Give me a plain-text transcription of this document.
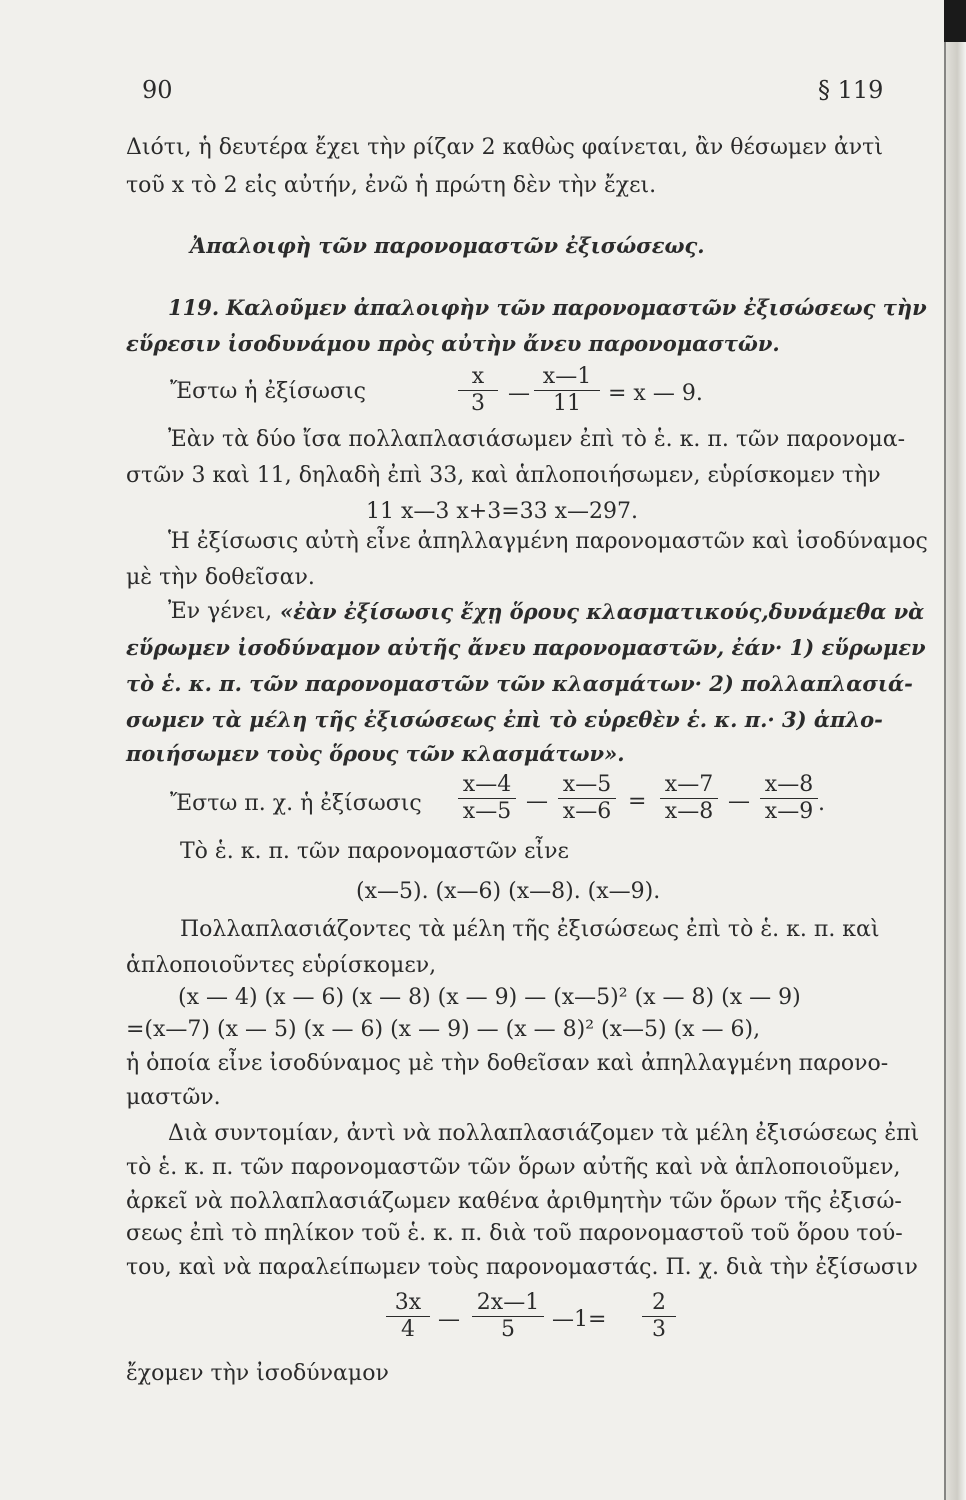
90	§ 119
Διότι, ἡ δευτέρα ἔχει τὴν ρίζαν 2 καθὼς φαίνεται, ἂν θέσωμεν ἀντὶ
τοῦ x τὸ 2 εἰς αὐτήν, ἐνῶ ἡ πρώτη δὲν τὴν ἔχει.
Ἀπαλοιφὴ τῶν παρονομαστῶν ἐξισώσεως.
119. Καλοῦμεν ἀπαλοιφὴν τῶν παρονομαστῶν ἐξισώσεως τὴν
εὕρεσιν ἰσοδυνάμου πρὸς αὐτὴν ἄνευ παρονομαστῶν.
Ἔστω ἡ ἐξίσωσις	$\frac{x}{3}$ — $\frac{x—1}{11} = x$ — 9.
Ἐὰν τὰ δύο ἴσα πολλαπλασιάσωμεν ἐπὶ τὸ ἑ. κ. π. τῶν παρονομα-
στῶν 3 καὶ 11, δηλαδὴ ἐπὶ 33, καὶ ἁπλοποιήσωμεν, εὑρίσκομεν τὴν
11 x—3 x+3=33 x—297.
Ἡ ἐξίσωσις αὐτὴ εἶνε ἀπηλλαγμένη παρονομαστῶν καὶ ἰσοδύναμος
μὲ τὴν δοθεῖσαν.
Ἐν γένει, «ἐὰν ἐξίσωσις ἔχῃ ὅρους κλασματικούς,δυνάμεθα νὰ
εὕρωμεν ἰσοδύναμον αὐτῆς ἄνευ παρονομαστῶν, ἐάν· 1) εὕρωμεν
τὸ ἑ. κ. π. τῶν παρονομαστῶν τῶν κλασμάτων· 2) πολλαπλασιά-
σωμεν τὰ μέλη τῆς ἐξισώσεως ἐπὶ τὸ εὑρεθὲν ἑ. κ. π.· 3) ἁπλο-
ποιήσωμεν τοὺς ὅρους τῶν κλασμάτων».
Ἔστω π. χ. ἡ ἐξίσωσις $\frac{x—4}{x—5}$ — $\frac{x—5}{x—6} = \frac{x—7}{x—8}$ — $\frac{x—8}{x—9}$ .
Τὸ ἑ. κ. π. τῶν παρονομαστῶν εἶνε
(x—5). (x—6) (x—8). (x—9).
Πολλαπλασιάζοντες τὰ μέλη τῆς ἐξισώσεως ἐπὶ τὸ ἑ. κ. π. καὶ
ἁπλοποιοῦντες εὑρίσκομεν,
(x — 4) (x — 6) (x — 8) (x — 9) — (x—5)² (x — 8) (x — 9)
=(x—7) (x — 5) (x — 6) (x — 9) — (x — 8)² (x—5) (x — 6),
ἡ ὁποία εἶνε ἰσοδύναμος μὲ τὴν δοθεῖσαν καὶ ἀπηλλαγμένη παρονο-
μαστῶν.
Διὰ συντομίαν, ἀντὶ νὰ πολλαπλασιάζομεν τὰ μέλη ἐξισώσεως ἐπὶ
τὸ ἑ. κ. π. τῶν παρονομαστῶν τῶν ὅρων αὐτῆς καὶ νὰ ἁπλοποιοῦμεν,
ἀρκεῖ νὰ πολλαπλασιάζωμεν καθένα ἀριθμητὴν τῶν ὅρων τῆς ἐξισώ-
σεως ἐπὶ τὸ πηλίκον τοῦ ἑ. κ. π. διὰ τοῦ παρονομαστοῦ τοῦ ὅρου τού-
του, καὶ νὰ παραλείπωμεν τοὺς παρονομαστάς. Π. χ. διὰ τὴν ἐξίσωσιν
$\frac{3x}{4}$ — $\frac{2x—1}{5}$ —1= $\frac{2}{3}$
ἔχομεν τὴν ἰσοδύναμον
